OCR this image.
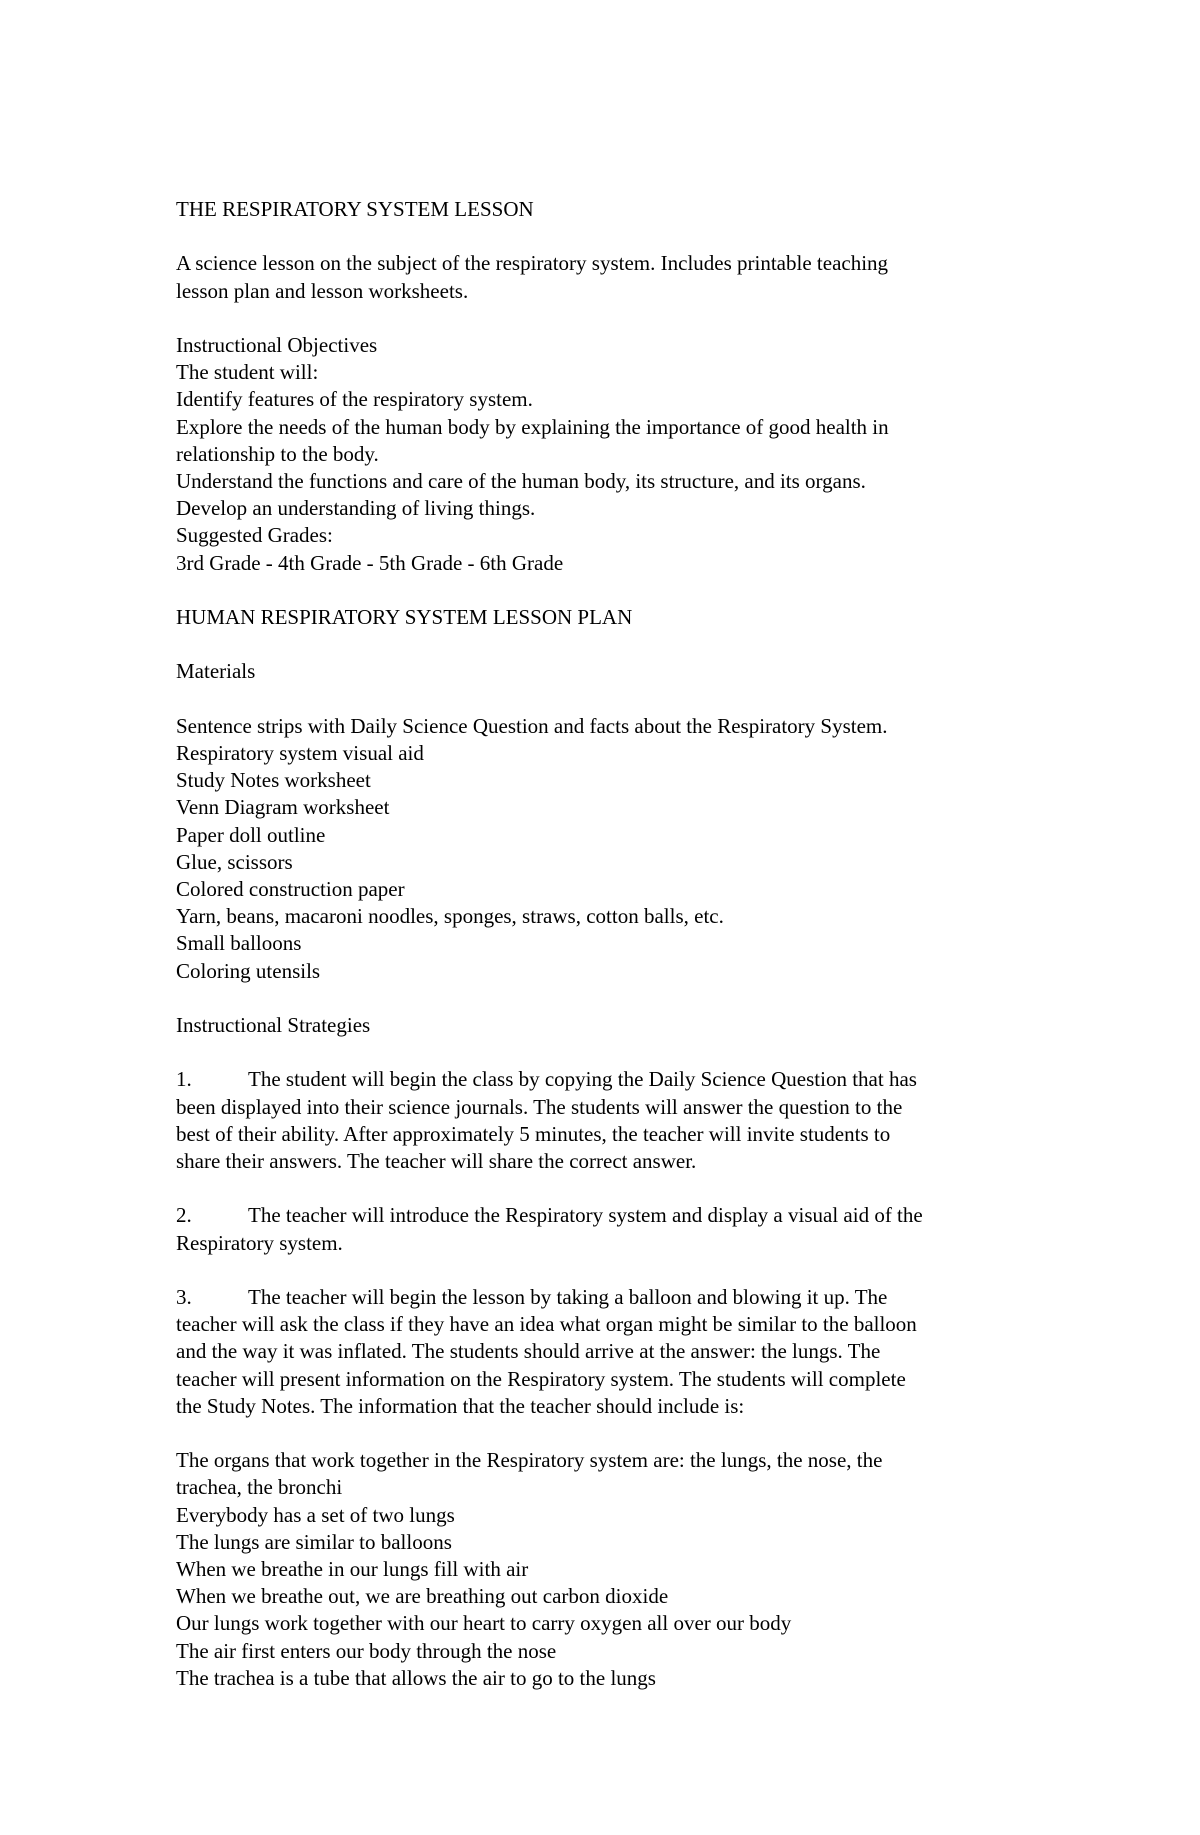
THE RESPIRATORY SYSTEM LESSON
A science lesson on the subject of the respiratory system. Includes printable teaching
lesson plan and lesson worksheets.
Instructional Objectives
The student will:
Identify features of the respiratory system.
Explore the needs of the human body by explaining the importance of good health in
relationship to the body.
Understand the functions and care of the human body, its structure, and its organs.
Develop an understanding of living things.
Suggested Grades:
3rd Grade - 4th Grade - 5th Grade - 6th Grade
HUMAN RESPIRATORY SYSTEM LESSON PLAN
Materials
Sentence strips with Daily Science Question and facts about the Respiratory System.
Respiratory system visual aid
Study Notes worksheet
Venn Diagram worksheet
Paper doll outline
Glue, scissors
Colored construction paper
Yarn, beans, macaroni noodles, sponges, straws, cotton balls, etc.
Small balloons
Coloring utensils
Instructional Strategies
1.	The student will begin the class by copying the Daily Science Question that has
been displayed into their science journals. The students will answer the question to the
best of their ability. After approximately 5 minutes, the teacher will invite students to
share their answers. The teacher will share the correct answer.
2.	The teacher will introduce the Respiratory system and display a visual aid of the
Respiratory system.
3.	The teacher will begin the lesson by taking a balloon and blowing it up. The
teacher will ask the class if they have an idea what organ might be similar to the balloon
and the way it was inflated. The students should arrive at the answer: the lungs. The
teacher will present information on the Respiratory system. The students will complete
the Study Notes. The information that the teacher should include is:
The organs that work together in the Respiratory system are: the lungs, the nose, the
trachea, the bronchi
Everybody has a set of two lungs
The lungs are similar to balloons
When we breathe in our lungs fill with air
When we breathe out, we are breathing out carbon dioxide
Our lungs work together with our heart to carry oxygen all over our body
The air first enters our body through the nose
The trachea is a tube that allows the air to go to the lungs
